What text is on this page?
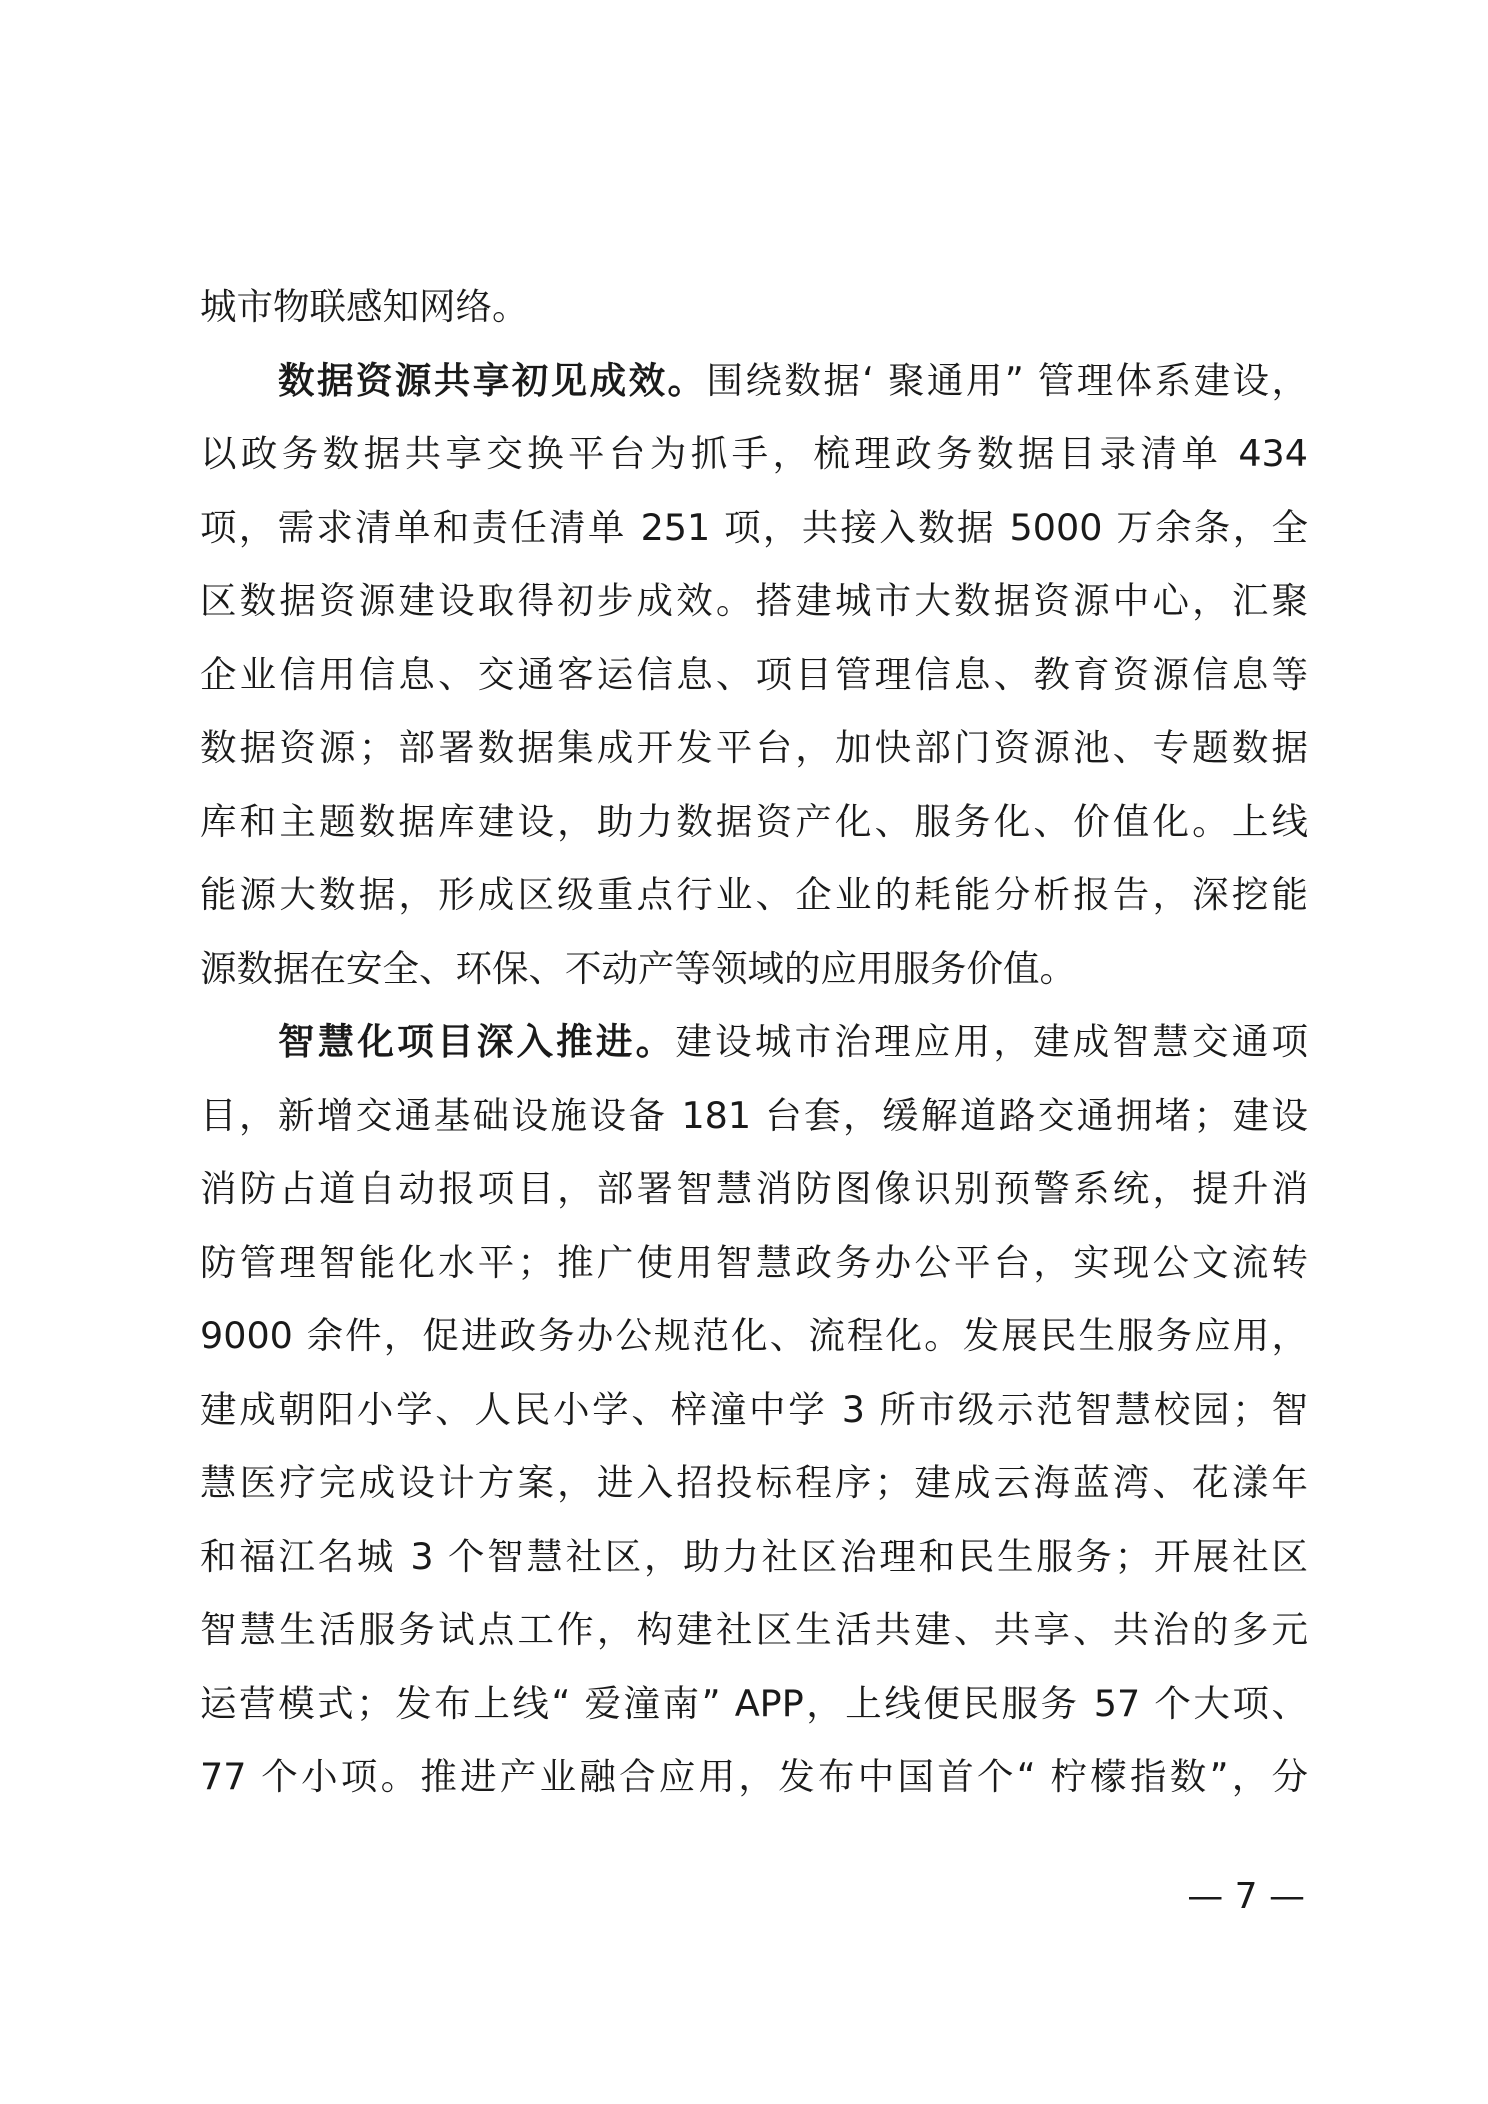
城市物联感知网络。
数据资源共享初见成效。围绕数据‘ 聚通用” 管理体系建设，
以政务数据共享交换平台为抓手，梳理政务数据目录清单 434
项，需求清单和责任清单 251 项，共接入数据 5000 万余条，全
区数据资源建设取得初步成效。搭建城市大数据资源中心，汇聚
企业信用信息、交通客运信息、项目管理信息、教育资源信息等
数据资源；部署数据集成开发平台，加快部门资源池、专题数据
库和主题数据库建设，助力数据资产化、服务化、价值化。上线
能源大数据，形成区级重点行业、企业的耗能分析报告，深挖能
源数据在安全、环保、不动产等领域的应用服务价值。
智慧化项目深入推进。建设城市治理应用，建成智慧交通项
目，新增交通基础设施设备 181 台套，缓解道路交通拥堵；建设
消防占道自动报项目，部署智慧消防图像识别预警系统，提升消
防管理智能化水平；推广使用智慧政务办公平台，实现公文流转
9000 余件，促进政务办公规范化、流程化。发展民生服务应用，
建成朝阳小学、人民小学、梓潼中学 3 所市级示范智慧校园；智
慧医疗完成设计方案，进入招投标程序；建成云海蓝湾、花漾年
和福江名城 3 个智慧社区，助力社区治理和民生服务；开展社区
智慧生活服务试点工作，构建社区生活共建、共享、共治的多元
运营模式；发布上线“ 爱潼南” APP，上线便民服务 57 个大项、
77 个小项。推进产业融合应用，发布中国首个“ 柠檬指数”，分
— 7 —
